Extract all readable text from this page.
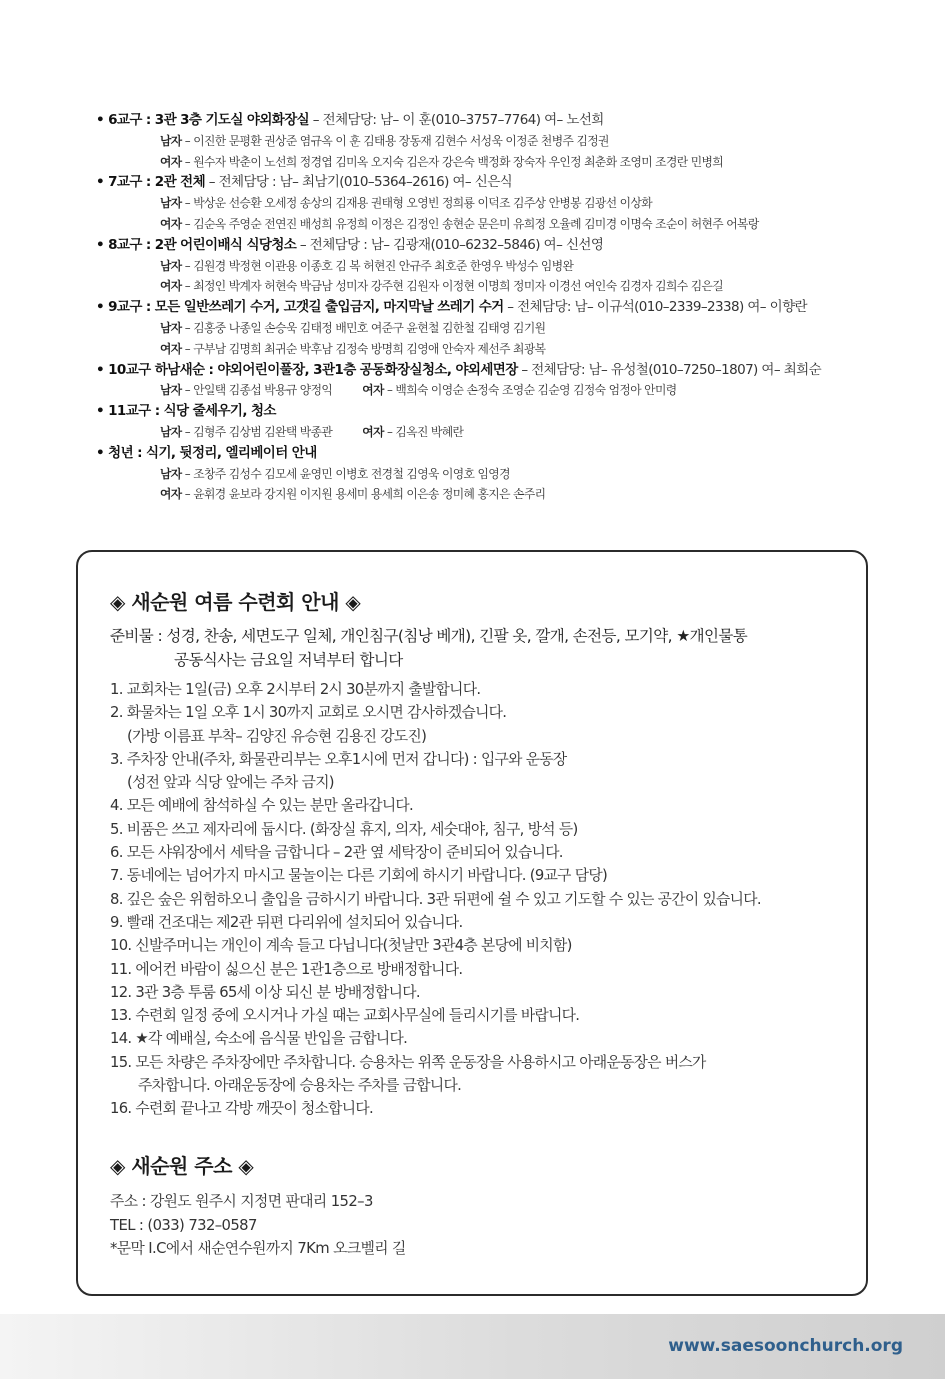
• 6교구 : 3관 3층 기도실 야외화장실 – 전체담당: 남– 이 훈(010–3757–7764) 여– 노선희
남자 – 이진한 문평환 권상준 염규옥 이 훈 김태용 장동재 김현수 서성욱 이정준 천병주 김정권
여자 – 원수자 박춘이 노선희 정경엽 김미옥 오지숙 김은자 강은숙 백정화 장숙자 우인정 최춘화 조영미 조경란 민병희
• 7교구 : 2관 전체 – 전체담당 : 남– 최남기(010–5364–2616) 여– 신은식
남자 – 박상운 선승환 오세정 송상의 김재용 권태형 오영빈 정희룡 이덕조 김주상 안병봉 김광선 이상화
여자 – 김순옥 주영순 전연진 배성희 유정희 이정은 김정인 송현순 문은미 유희정 오율례 김미경 이명숙 조순이 허현주 어복랑
• 8교구 : 2관 어린이배식 식당청소 – 전체담당 : 남– 김광재(010–6232–5846) 여– 신선영
남자 – 김원경 박정현 이관용 이종호 김 복 허현진 안규주 최호준 한영우 박성수 임병완
여자 – 최정인 박계자 허현숙 박금남 성미자 강주현 김원자 이정현 이명희 정미자 이경선 여인숙 김경자 김희수 김은길
• 9교구 : 모든 일반쓰레기 수거, 고갯길 출입금지, 마지막날 쓰레기 수거 – 전체담당: 남– 이규석(010–2339–2338) 여– 이향란
남자 – 김홍중 나종일 손승욱 김태정 배민호 여준구 윤현철 김한철 김태영 김기원
여자 – 구부남 김명희 최귀순 박후남 김정숙 방명희 김영애 안숙자 제선주 최광복
• 10교구 하남새순 : 야외어린이풀장, 3관1층 공동화장실청소, 야외세면장 – 전체담당: 남– 유성철(010–7250–1807) 여– 최희순
남자 – 안일택 김종섭 박용규 양정익	여자 – 백희숙 이영순 손정숙 조영순 김순영 김정숙 엄정아 안미령
• 11교구 : 식당 줄세우기, 청소
남자 – 김형주 김상범 김완택 박종관	여자 – 김옥진 박혜란
• 청년 : 식기, 뒷정리, 엘리베이터 안내
남자 – 조창주 김성수 김모세 윤영민 이병호 전경철 김영욱 이영호 임영경
여자 – 윤휘경 윤보라 강지원 이지원 용세미 용세희 이은송 정미혜 홍지은 손주리
◈ 새순원 여름 수련회 안내 ◈
준비물 : 성경, 찬송, 세면도구 일체, 개인침구(침낭 베개), 긴팔 옷, 깔개, 손전등, 모기약, ★개인물통
공동식사는 금요일 저녁부터 합니다
1. 교회차는 1일(금) 오후 2시부터 2시 30분까지 출발합니다.
2. 화물차는 1일 오후 1시 30까지 교회로 오시면 감사하겠습니다.
(가방 이름표 부착– 김양진 유승현 김용진 강도진)
3. 주차장 안내(주차, 화물관리부는 오후1시에 먼저 갑니다) : 입구와 운동장
(성전 앞과 식당 앞에는 주차 금지)
4. 모든 예배에 참석하실 수 있는 분만 올라갑니다.
5. 비품은 쓰고 제자리에 둡시다. (화장실 휴지, 의자, 세숫대야, 침구, 방석 등)
6. 모든 샤워장에서 세탁을 금합니다 – 2관 옆 세탁장이 준비되어 있습니다.
7. 동네에는 넘어가지 마시고 물놀이는 다른 기회에 하시기 바랍니다. (9교구 담당)
8. 깊은 숲은 위험하오니 출입을 금하시기 바랍니다. 3관 뒤편에 쉴 수 있고 기도할 수 있는 공간이 있습니다.
9. 빨래 건조대는 제2관 뒤편 다리위에 설치되어 있습니다.
10. 신발주머니는 개인이 계속 들고 다닙니다(첫날만 3관4층 본당에 비치함)
11. 에어컨 바람이 싫으신 분은 1관1층으로 방배정합니다.
12. 3관 3층 투룸 65세 이상 되신 분 방배정합니다.
13. 수련회 일정 중에 오시거나 가실 때는 교회사무실에 들리시기를 바랍니다.
14. ★각 예배실, 숙소에 음식물 반입을 금합니다.
15. 모든 차량은 주차장에만 주차합니다. 승용차는 위쪽 운동장을 사용하시고 아래운동장은 버스가
주차합니다. 아래운동장에 승용차는 주차를 금합니다.
16. 수련회 끝나고 각방 깨끗이 청소합니다.
◈ 새순원 주소 ◈
주소 : 강원도 원주시 지정면 판대리 152–3
TEL : (033) 732–0587
*문막 I.C에서 새순연수원까지 7Km 오크벨리 길
www.saesoonchurch.org
